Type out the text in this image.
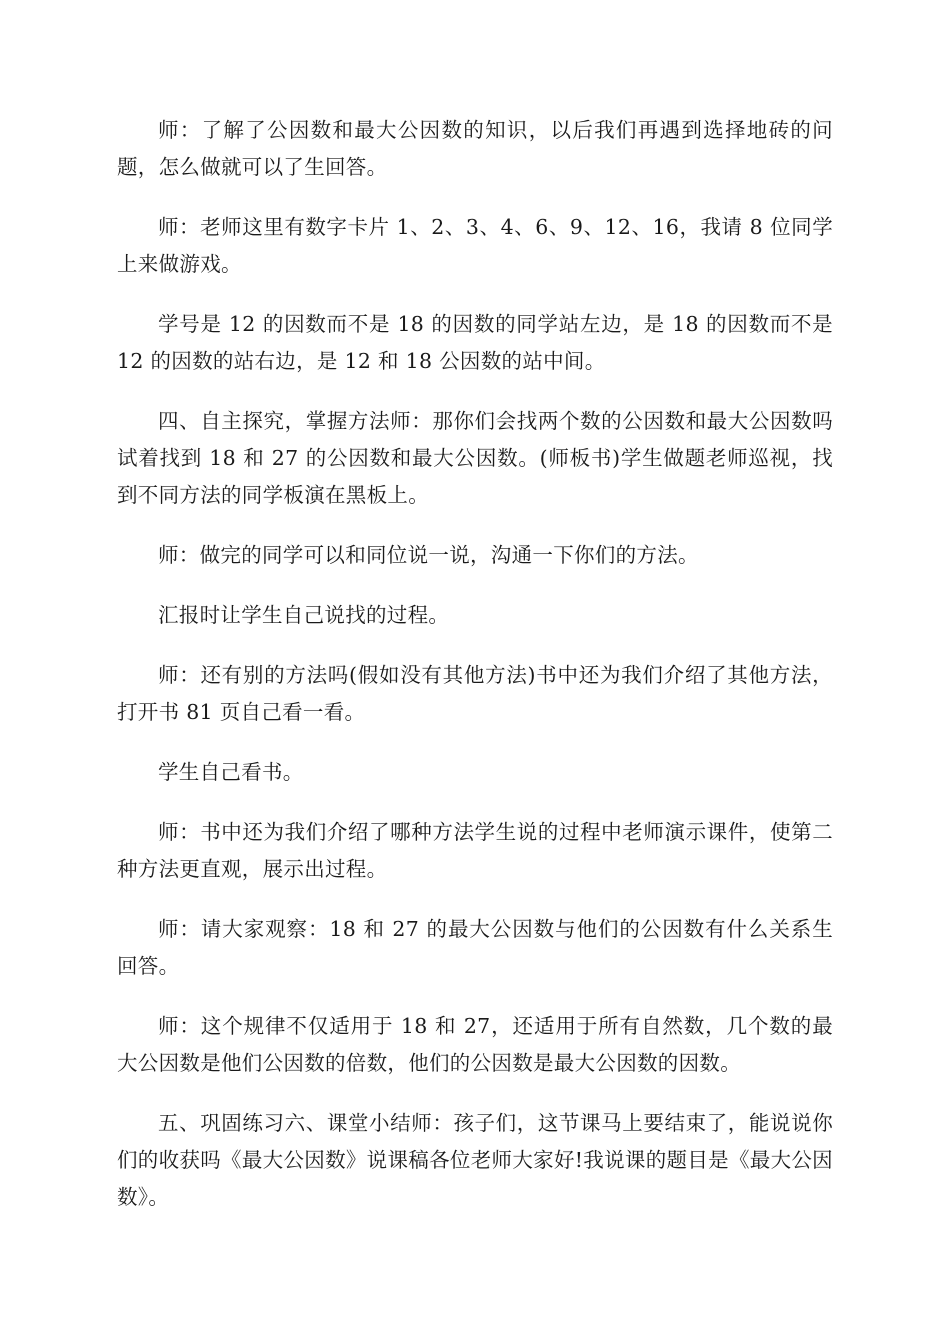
师：了解了公因数和最大公因数的知识，以后我们再遇到选择地砖的问题，怎么做就可以了生回答。

师：老师这里有数字卡片 1、2、3、4、6、9、12、16，我请 8 位同学上来做游戏。

学号是 12 的因数而不是 18 的因数的同学站左边，是 18 的因数而不是 12 的因数的站右边，是 12 和 18 公因数的站中间。

四、自主探究，掌握方法师：那你们会找两个数的公因数和最大公因数吗试着找到 18 和 27 的公因数和最大公因数。(师板书)学生做题老师巡视，找到不同方法的同学板演在黑板上。

师：做完的同学可以和同位说一说，沟通一下你们的方法。

汇报时让学生自己说找的过程。

师：还有别的方法吗(假如没有其他方法)书中还为我们介绍了其他方法，打开书 81 页自己看一看。

学生自己看书。

师：书中还为我们介绍了哪种方法学生说的过程中老师演示课件，使第二种方法更直观，展示出过程。

师：请大家观察：18 和 27 的最大公因数与他们的公因数有什么关系生回答。

师：这个规律不仅适用于 18 和 27，还适用于所有自然数，几个数的最大公因数是他们公因数的倍数，他们的公因数是最大公因数的因数。

五、巩固练习六、课堂小结师：孩子们，这节课马上要结束了，能说说你们的收获吗《最大公因数》说课稿各位老师大家好!我说课的题目是《最大公因数》。
